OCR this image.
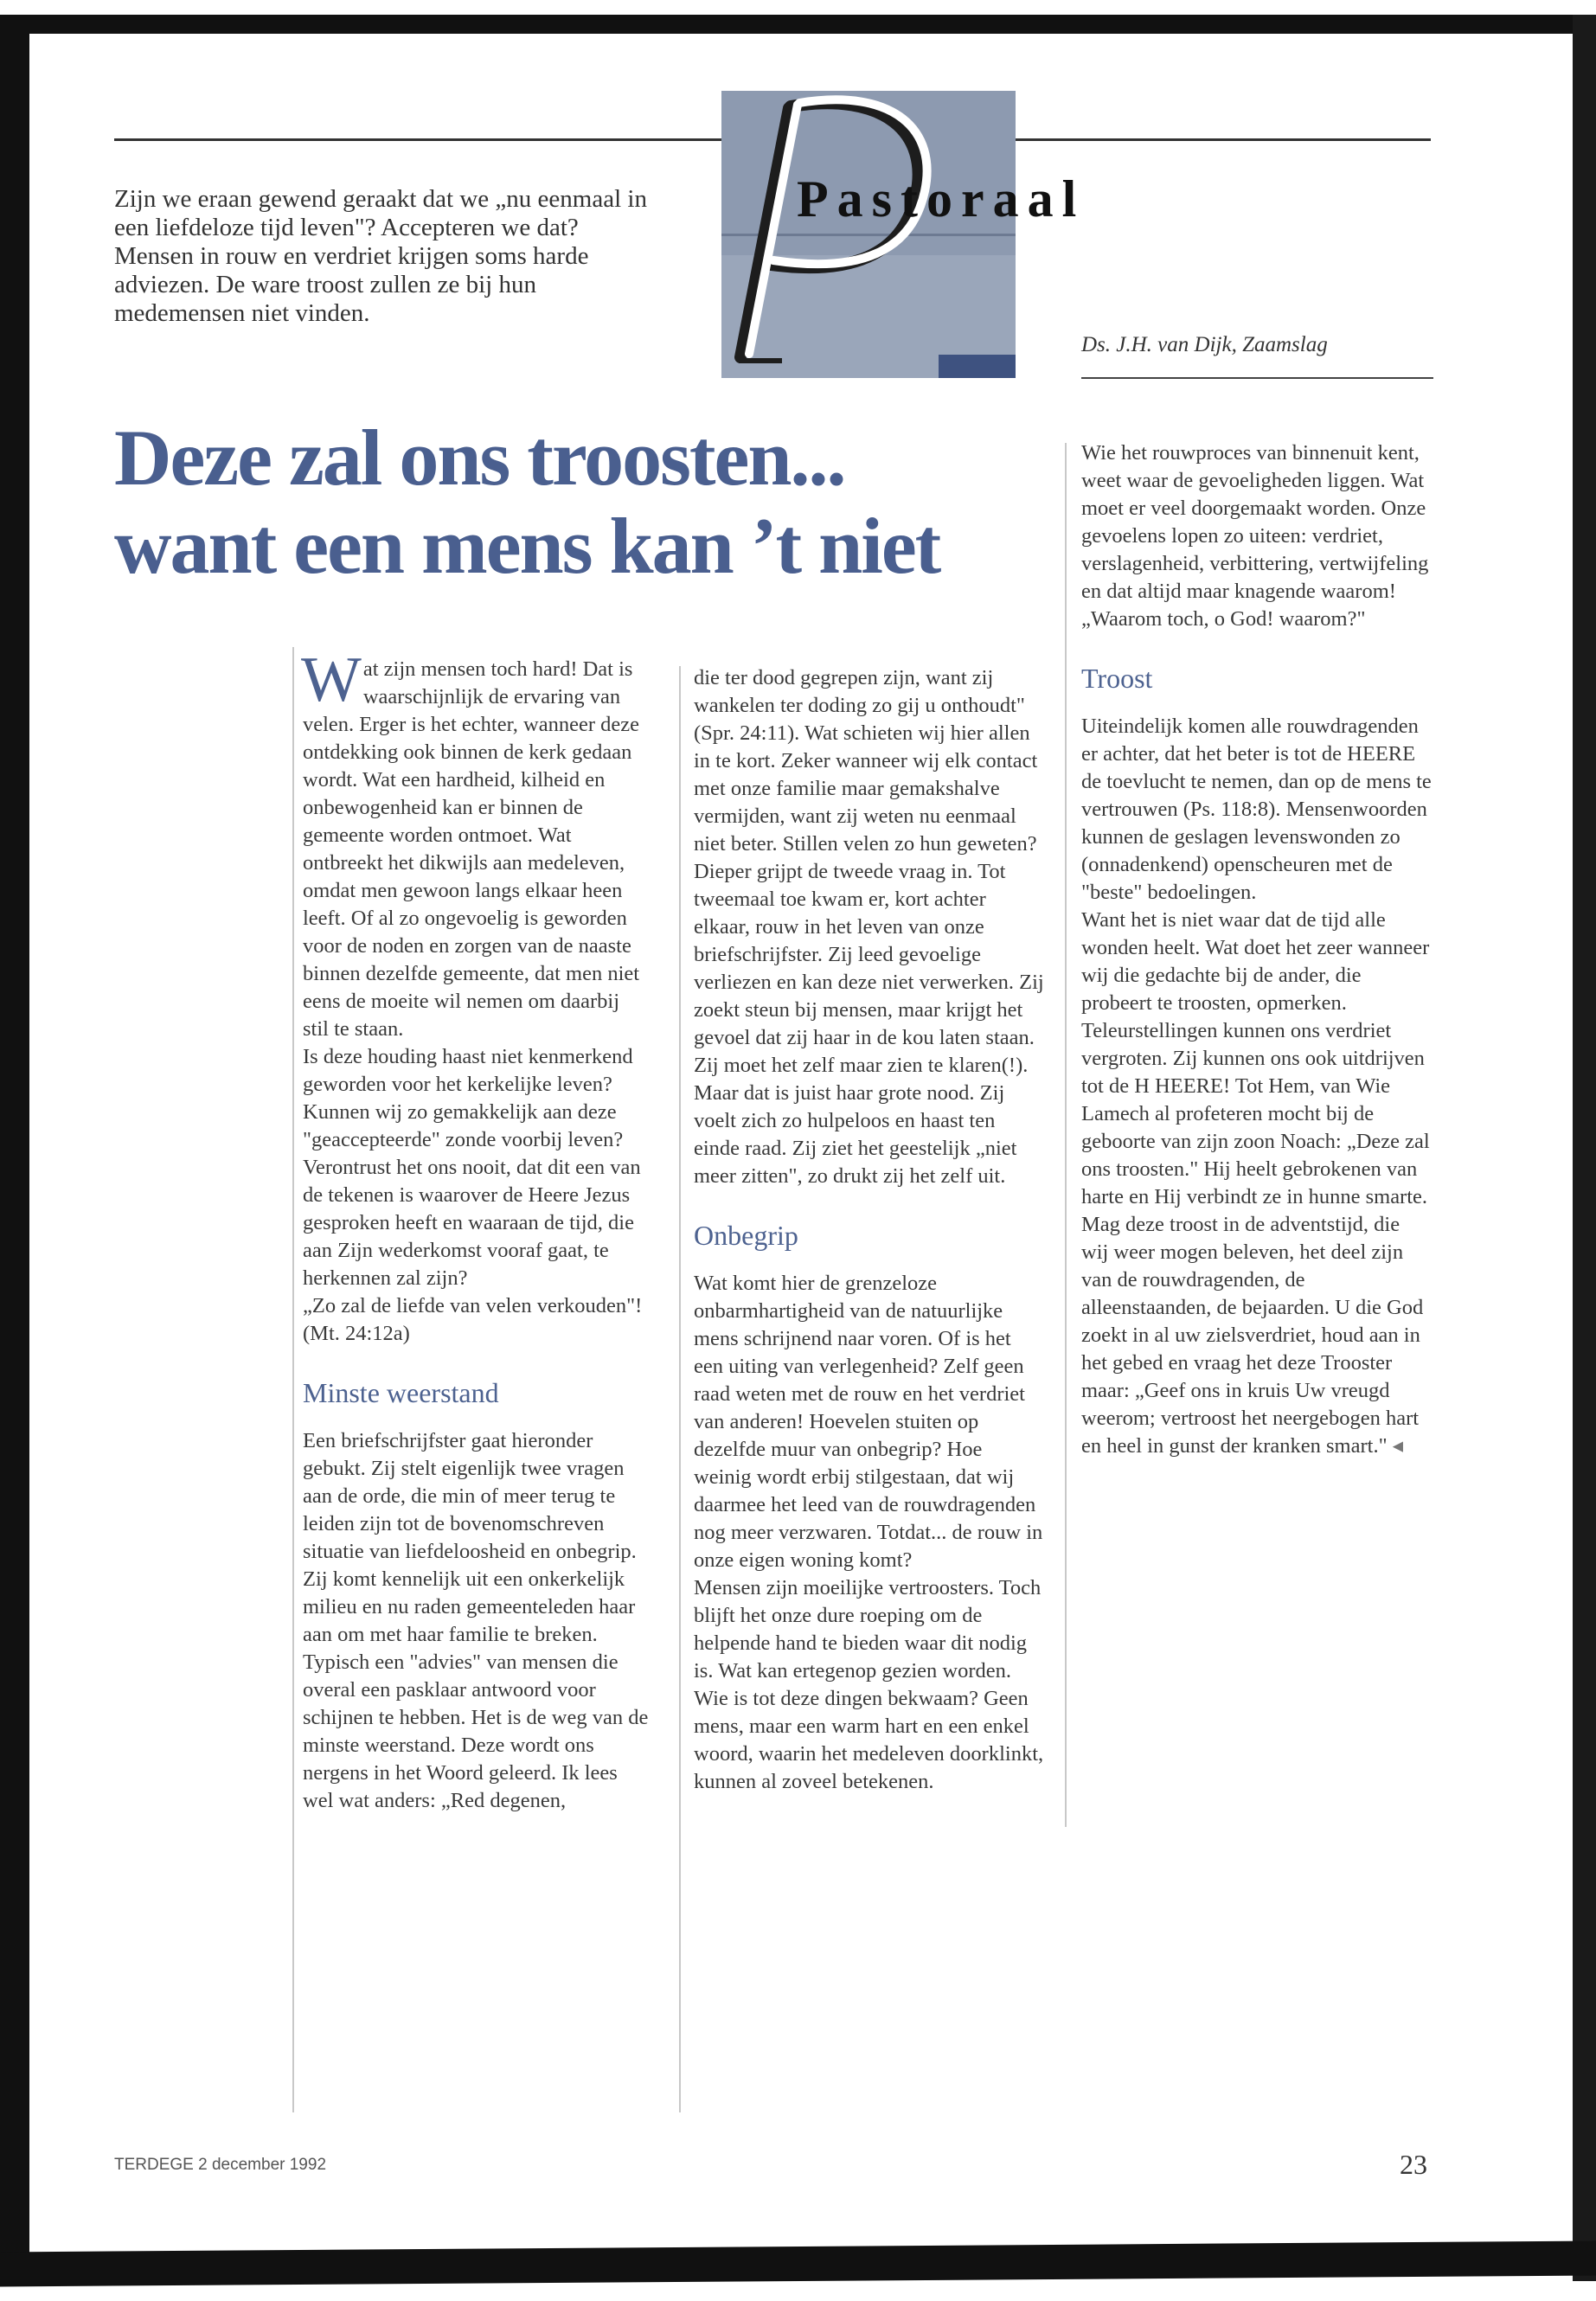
Pastoraal
Zijn we eraan gewend geraakt dat we „nu eenmaal in een liefdeloze tijd leven"? Accepteren we dat? Mensen in rouw en verdriet krijgen soms harde adviezen. De ware troost zullen ze bij hun medemensen niet vinden.
Ds. J.H. van Dijk, Zaamslag
Deze zal ons troosten...
want een mens kan ’t niet

Wat zijn mensen toch hard! Dat is waarschijnlijk de ervaring van velen. Erger is het echter, wanneer deze ontdekking ook binnen de kerk gedaan wordt. Wat een hardheid, kilheid en onbewogenheid kan er binnen de gemeente worden ontmoet. Wat ontbreekt het dikwijls aan medeleven, omdat men gewoon langs elkaar heen leeft. Of al zo ongevoelig is geworden voor de noden en zorgen van de naaste binnen dezelfde gemeente, dat men niet eens de moeite wil nemen om daarbij stil te staan.

Is deze houding haast niet kenmerkend geworden voor het kerkelijke leven? Kunnen wij zo gemakkelijk aan deze "geaccepteerde" zonde voorbij leven? Verontrust het ons nooit, dat dit een van de tekenen is waarover de Heere Jezus gesproken heeft en waaraan de tijd, die aan Zijn wederkomst vooraf gaat, te herkennen zal zijn?

„Zo zal de liefde van velen verkouden"! (Mt. 24:12a)

Minste weerstand

Een briefschrijfster gaat hieronder gebukt. Zij stelt eigenlijk twee vragen aan de orde, die min of meer terug te leiden zijn tot de bovenomschreven situatie van liefdeloosheid en onbegrip.

Zij komt kennelijk uit een onkerkelijk milieu en nu raden gemeenteleden haar aan om met haar familie te breken. Typisch een "advies" van mensen die overal een pasklaar antwoord voor schijnen te hebben. Het is de weg van de minste weerstand. Deze wordt ons nergens in het Woord geleerd. Ik lees wel wat anders: „Red degenen,

die ter dood gegrepen zijn, want zij wankelen ter doding zo gij u onthoudt" (Spr. 24:11). Wat schieten wij hier allen in te kort. Zeker wanneer wij elk contact met onze familie maar gemakshalve vermijden, want zij weten nu eenmaal niet beter. Stillen velen zo hun geweten? Dieper grijpt de tweede vraag in. Tot tweemaal toe kwam er, kort achter elkaar, rouw in het leven van onze briefschrijfster. Zij leed gevoelige verliezen en kan deze niet verwerken. Zij zoekt steun bij mensen, maar krijgt het gevoel dat zij haar in de kou laten staan. Zij moet het zelf maar zien te klaren(!). Maar dat is juist haar grote nood. Zij voelt zich zo hulpeloos en haast ten einde raad. Zij ziet het geestelijk „niet meer zitten", zo drukt zij het zelf uit.

Onbegrip

Wat komt hier de grenzeloze onbarmhartigheid van de natuurlijke mens schrijnend naar voren. Of is het een uiting van verlegenheid? Zelf geen raad weten met de rouw en het verdriet van anderen! Hoevelen stuiten op dezelfde muur van onbegrip? Hoe weinig wordt erbij stilgestaan, dat wij daarmee het leed van de rouwdragenden nog meer verzwaren. Totdat... de rouw in onze eigen woning komt?

Mensen zijn moeilijke vertroosters. Toch blijft het onze dure roeping om de helpende hand te bieden waar dit nodig is. Wat kan ertegenop gezien worden. Wie is tot deze dingen bekwaam? Geen mens, maar een warm hart en een enkel woord, waarin het medeleven doorklinkt, kunnen al zoveel betekenen.

Wie het rouwproces van binnenuit kent, weet waar de gevoeligheden liggen. Wat moet er veel doorgemaakt worden. Onze gevoelens lopen zo uiteen: verdriet, verslagenheid, verbittering, vertwijfeling en dat altijd maar knagende waarom! „Waarom toch, o God! waarom?"

Troost

Uiteindelijk komen alle rouwdragenden er achter, dat het beter is tot de HEERE de toevlucht te nemen, dan op de mens te vertrouwen (Ps. 118:8). Mensenwoorden kunnen de geslagen levenswonden zo (onnadenkend) openscheuren met de "beste" bedoelingen.

Want het is niet waar dat de tijd alle wonden heelt. Wat doet het zeer wanneer wij die gedachte bij de ander, die probeert te troosten, opmerken.

Teleurstellingen kunnen ons verdriet vergroten. Zij kunnen ons ook uitdrijven tot de H HEERE! Tot Hem, van Wie Lamech al profeteren mocht bij de geboorte van zijn zoon Noach: „Deze zal ons troosten." Hij heelt gebrokenen van harte en Hij verbindt ze in hunne smarte.

Mag deze troost in de adventstijd, die wij weer mogen beleven, het deel zijn van de rouwdragenden, de alleenstaanden, de bejaarden. U die God zoekt in al uw zielsverdriet, houd aan in het gebed en vraag het deze Trooster maar: „Geef ons in kruis Uw vreugd weerom; vertroost het neergebogen hart en heel in gunst der kranken smart." ◂

TERDEGE 2 december 1992	23
